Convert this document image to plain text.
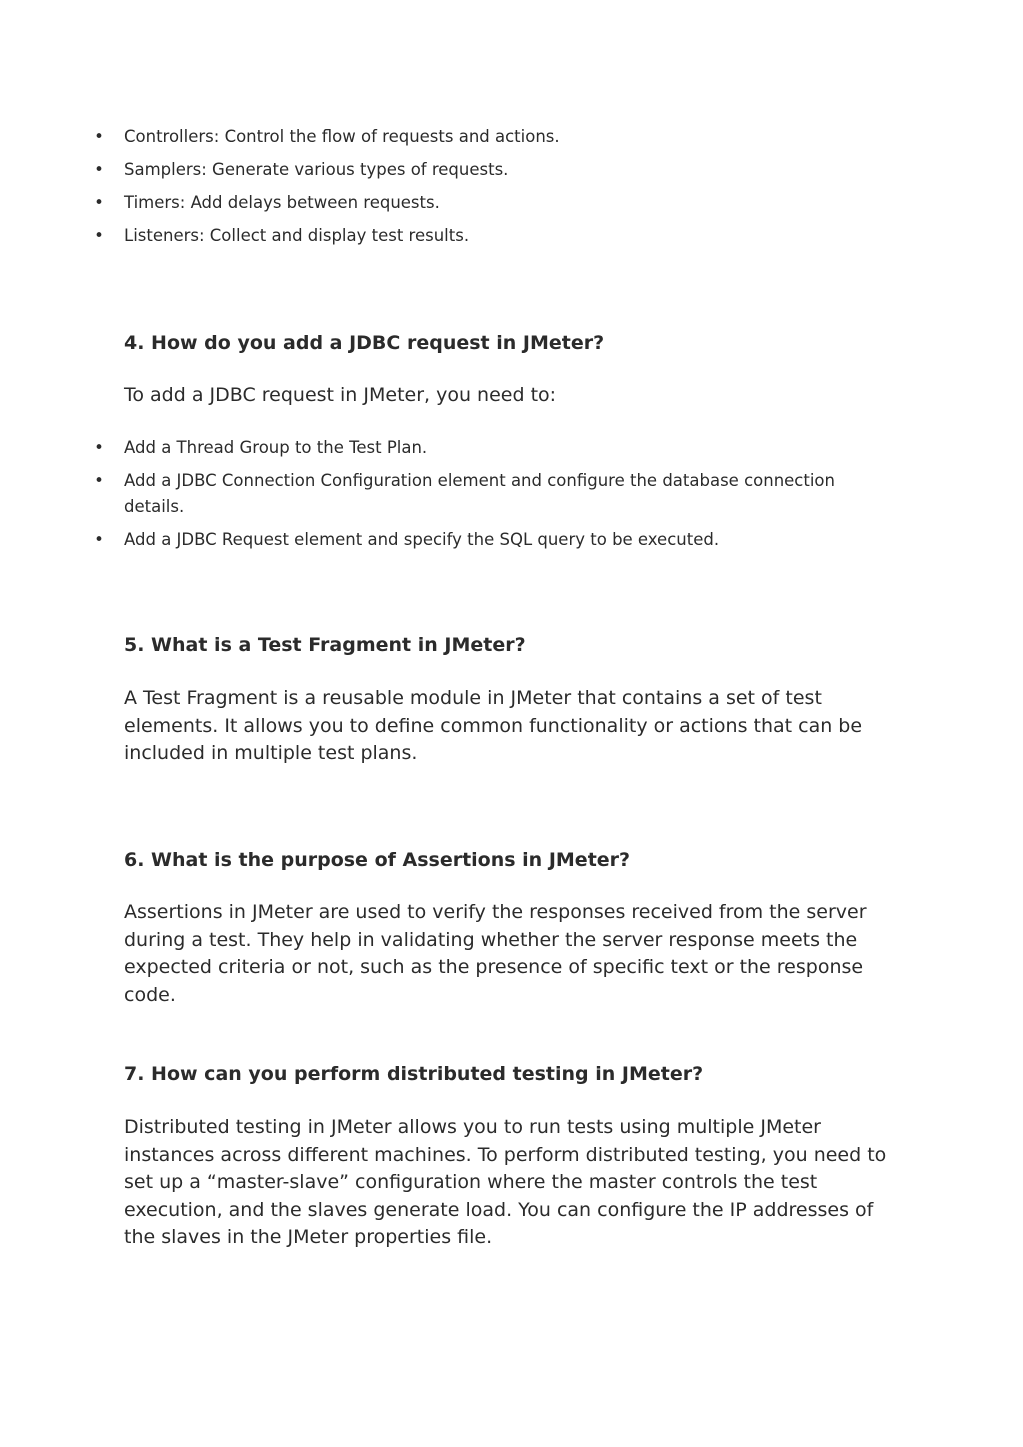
• Controllers: Control the flow of requests and actions.
• Samplers: Generate various types of requests.
• Timers: Add delays between requests.
• Listeners: Collect and display test results.
4. How do you add a JDBC request in JMeter?

To add a JDBC request in JMeter, you need to:

• Add a Thread Group to the Test Plan.
• Add a JDBC Connection Configuration element and configure the database connection details.
• Add a JDBC Request element and specify the SQL query to be executed.
5. What is a Test Fragment in JMeter?

A Test Fragment is a reusable module in JMeter that contains a set of test elements. It allows you to define common functionality or actions that can be included in multiple test plans.

6. What is the purpose of Assertions in JMeter?

Assertions in JMeter are used to verify the responses received from the server during a test. They help in validating whether the server response meets the expected criteria or not, such as the presence of specific text or the response code.

7. How can you perform distributed testing in JMeter?

Distributed testing in JMeter allows you to run tests using multiple JMeter instances across different machines. To perform distributed testing, you need to set up a “master-slave” configuration where the master controls the test execution, and the slaves generate load. You can configure the IP addresses of the slaves in the JMeter properties file.
